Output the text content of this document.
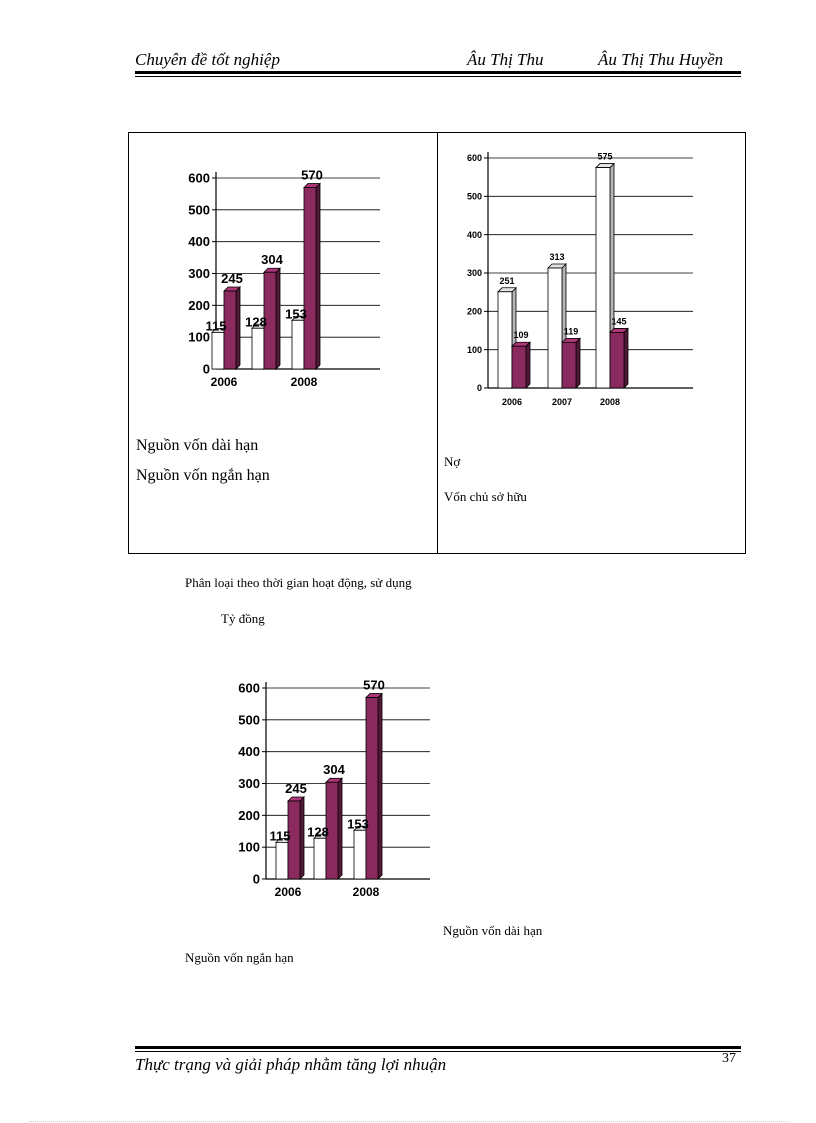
Chuyên đề tốt nghiệp	Âu Thị Thu	Âu Thị Thu Huyền
0
100
200
300
400
500
600
115 128
153
245
304
570
2006	2008
Nguồn vốn dài hạn
Nguồn vốn ngắn hạn
0
100
200
300
400
500
600
251
313
575
109	119
145
2006	2007	2008
Nợ
Vốn chủ sở hữu
Phân loại theo thời gian hoạt động, sử dụng
Tỷ đồng
0
100
200
300
400
500
600
115 128
153
245
304
570
2006	2008
Nguồn vốn dài hạn
Nguồn vốn ngắn hạn
Thực trạng và giải pháp nhằm tăng lợi nhuận	37
